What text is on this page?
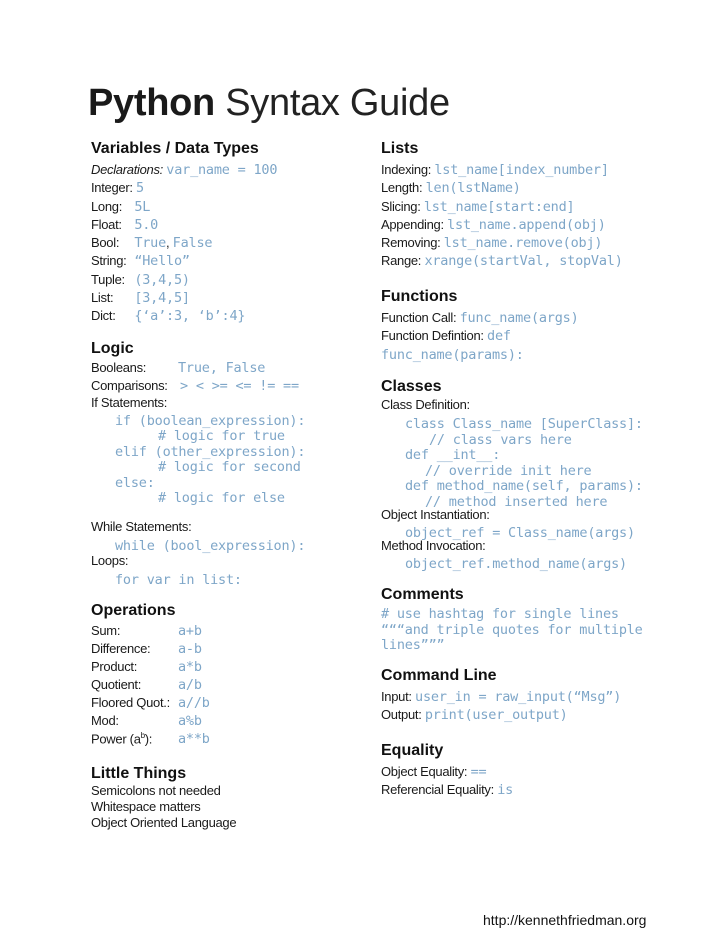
Python Syntax Guide
Variables / Data Types
Declarations: var_name = 100
Integer: 5
Long: 5L
Float: 5.0
Bool: True, False
String: “Hello”
Tuple: (3,4,5)
List: [3,4,5]
Dict: {‘a’:3, ‘b’:4}
Logic
Booleans: True, False
Comparisons: > < >= <= != ==
If Statements:
if (boolean_expression):
# logic for true
elif (other_expression):
# logic for second
else:
# logic for else
While Statements:
while (bool_expression):
Loops:
for var in list:
Operations
Sum:	a+b
Difference: a-b
Product:	a*b
Quotient:	a/b
Floored Quot.: a//b
Mod:	a%b
Power $(a^b)$: a**b
Little Things
Semicolons not needed
Whitespace matters
Object Oriented Language
Lists
Indexing: lst_name[index_number]
Length: len(lstName)
Slicing: lst_name[start:end]
Appending: lst_name.append(obj)
Removing: lst_name.remove(obj)
Range: xrange(startVal, stopVal)
Functions
Function Call: func_name(args)
Function Defintion: def
func_name(params):
Classes
Class Definition:
class Class_name [SuperClass]:
// class vars here
def __int__:
// override init here
def method_name(self, params):
// method inserted here
Object Instantiation:
object_ref = Class_name(args)
Method Invocation:
object_ref.method_name(args)
Comments
# use hashtag for single lines
“““and triple quotes for multiple
lines”””
Command Line
Input: user_in = raw_input(“Msg”)
Output: print(user_output)
Equality
Object Equality: ==
Referencial Equality: is
http://kennethfriedman.org
